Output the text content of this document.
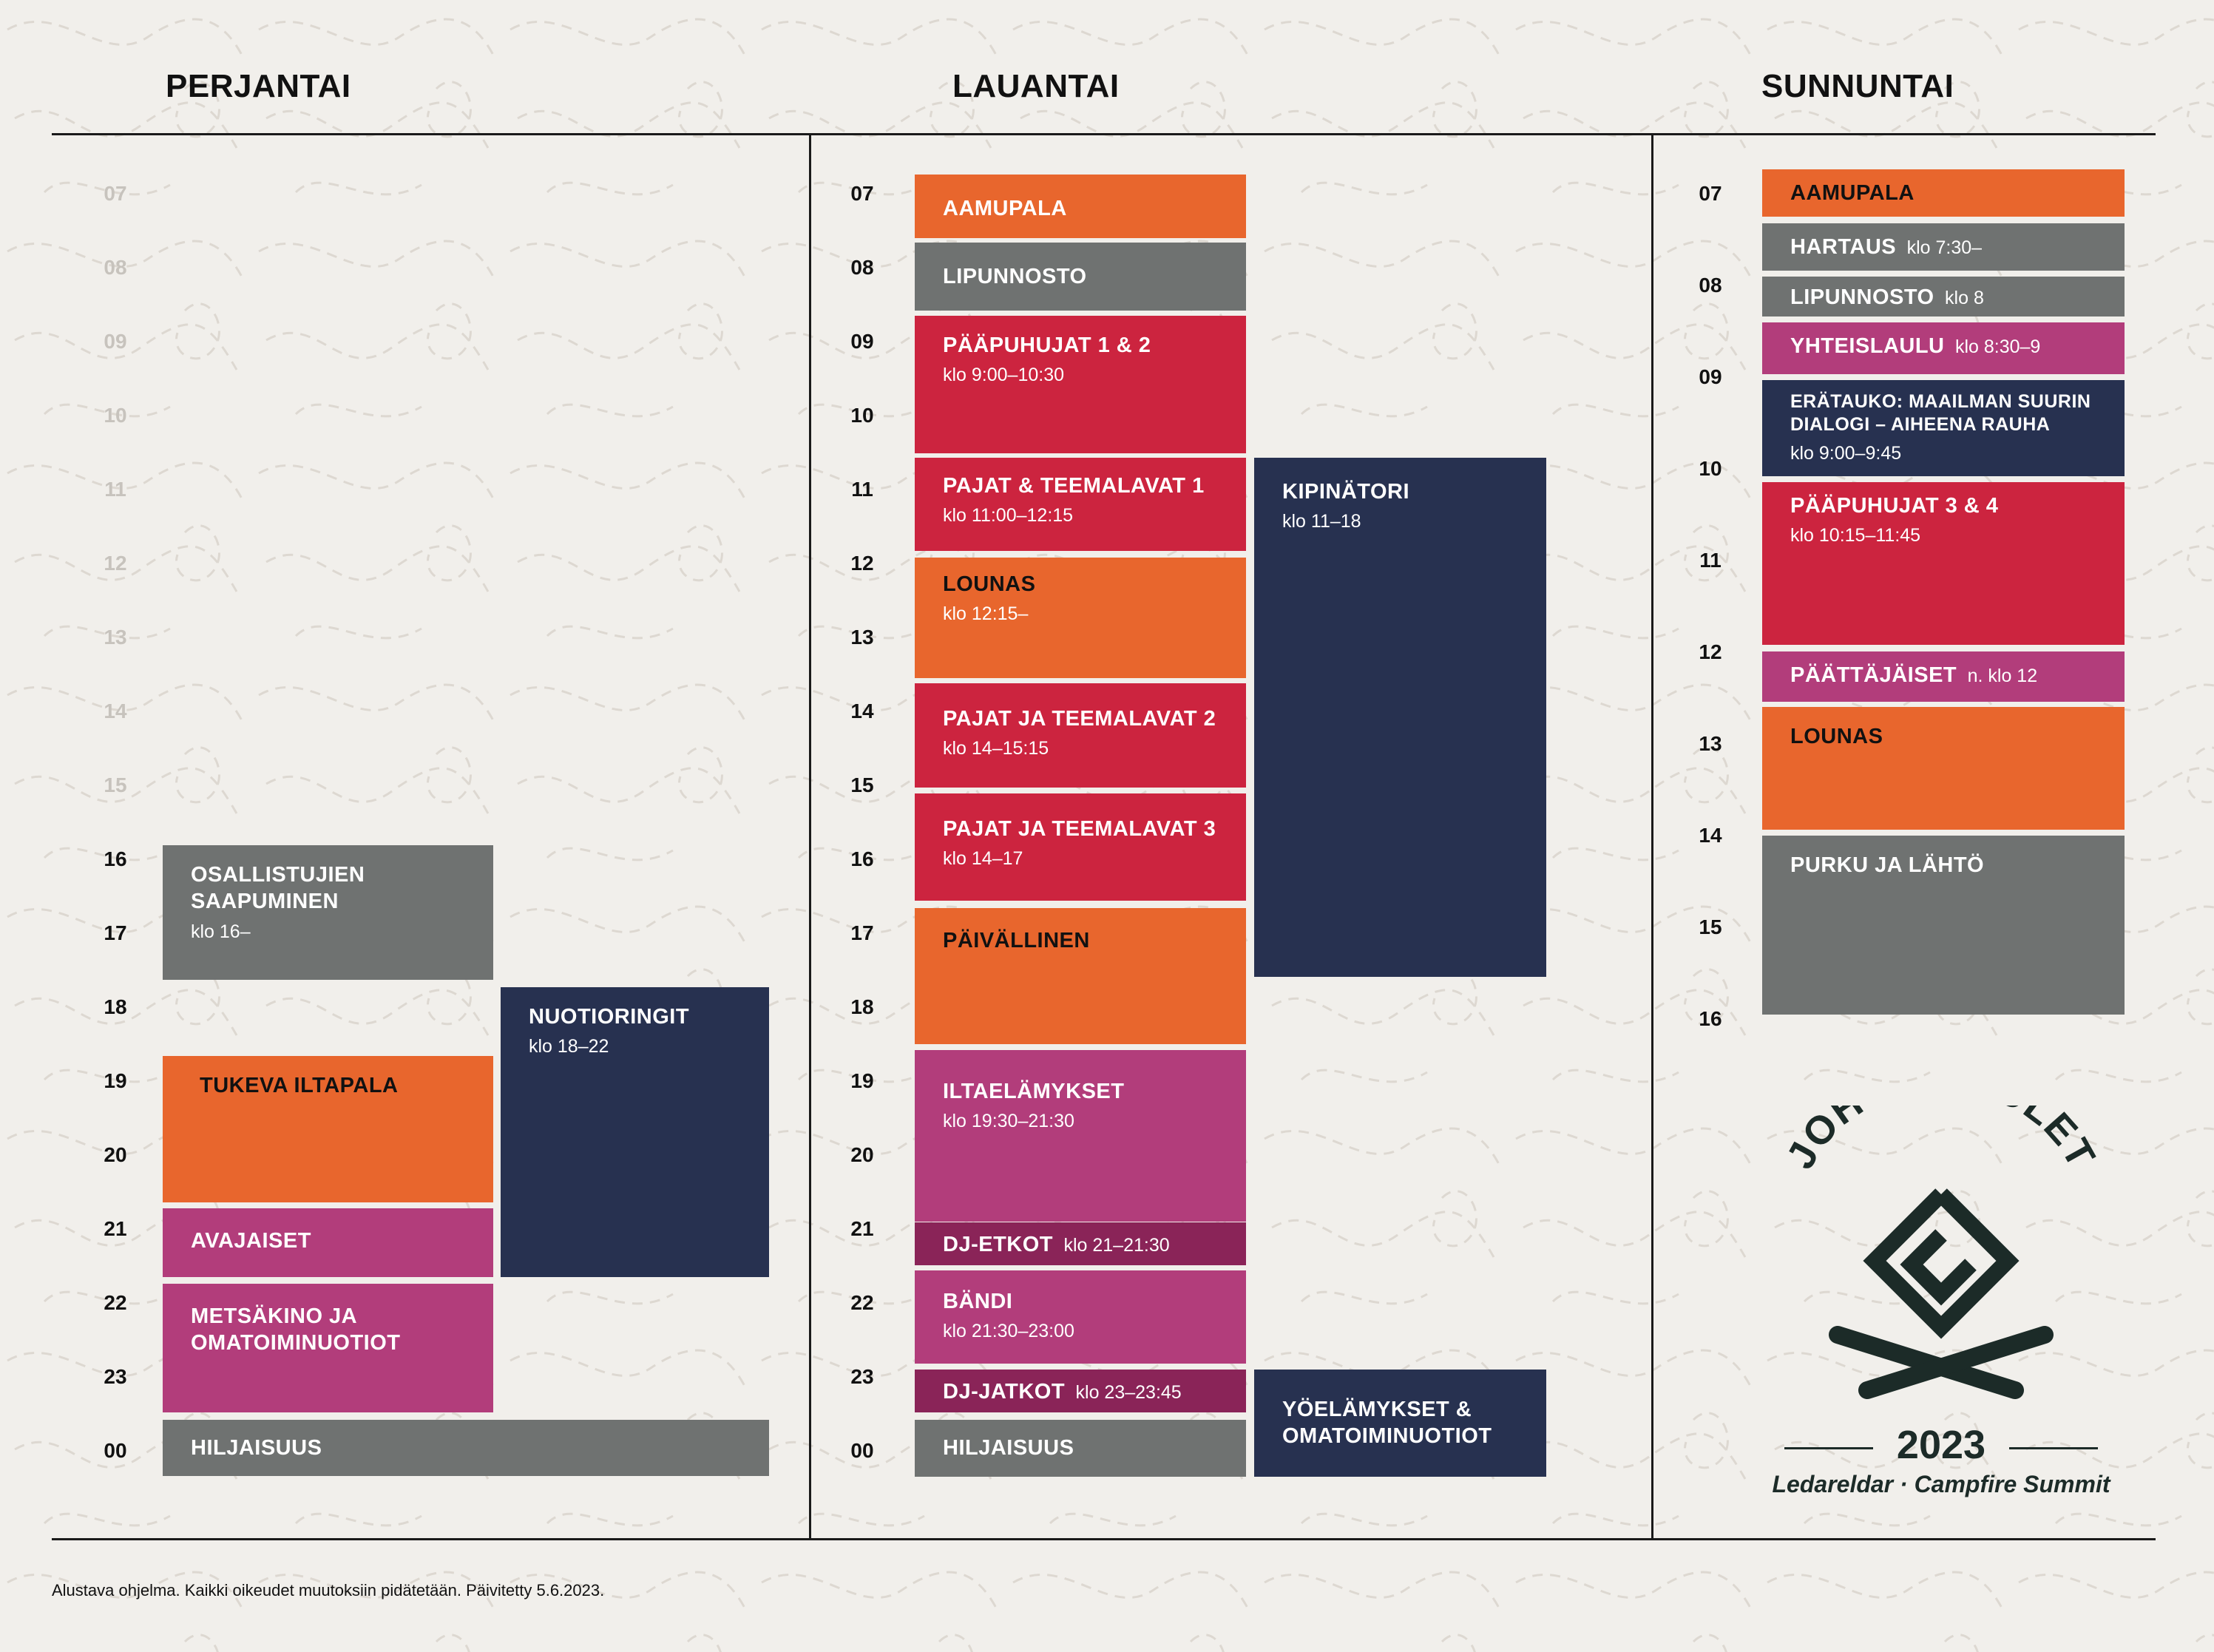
PERJANTAI	LAUANTAI	SUNNUNTAI
07
08
09
10
11
12
13
14
15
16
17
18
19
20
21
22
23
00
OSALLISTUJIEN
SAAPUMINEN
klo 16–
NUOTIORINGIT
klo 18–22
TUKEVA ILTAPALA
AVAJAISET
METSÄKINO JA
OMATOIMINUOTIOT
HILJAISUUS
07
08
09
10
11
12
13
14
15
16
17
18
19
20
21
22
23
00
AAMUPALA
LIPUNNOSTO
PÄÄPUHUJAT 1 & 2
klo 9:00–10:30
PAJAT & TEEMALAVAT 1
klo 11:00–12:15
LOUNAS
klo 12:15–
PAJAT JA TEEMALAVAT 2
klo 14–15:15
PAJAT JA TEEMALAVAT 3
klo 14–17
PÄIVÄLLINEN
ILTAELÄMYKSET
klo 19:30–21:30
DJ-ETKOT klo 21–21:30
BÄNDI
klo 21:30–23:00
DJ-JATKOT klo 23–23:45
HILJAISUUS
KIPINÄTORI
klo 11–18
YÖELÄMYKSET &
OMATOIMINUOTIOT
07
08
09
10
11
12
13
14
15
16
AAMUPALA
HARTAUS klo 7:30–
LIPUNNOSTO klo 8
YHTEISLAULU klo 8:30–9
ERÄTAUKO: MAAILMAN SUURIN
DIALOGI – AIHEENA RAUHA
klo 9:00–9:45
PÄÄPUHUJAT 3 & 4
klo 10:15–11:45
PÄÄTTÄJÄISET n. klo 12
LOUNAS
PURKU JA LÄHTÖ
JOH LET
2023
Ledareldar · Campfire Summit
Alustava ohjelma. Kaikki oikeudet muutoksiin pidätetään. Päivitetty 5.6.2023.
